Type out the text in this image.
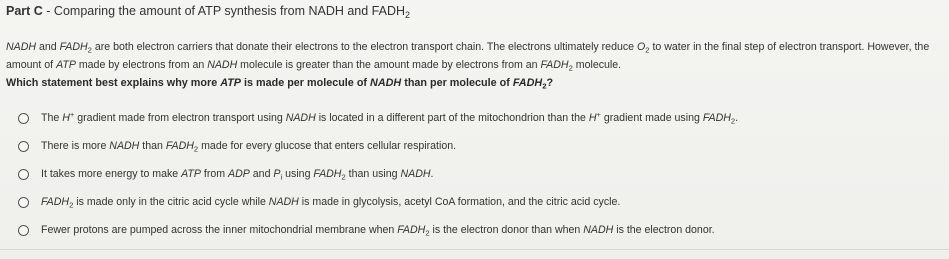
Part C - Comparing the amount of ATP synthesis from NADH and $FADH_2$
NADH and $FADH_2$ are both electron carriers that donate their electrons to the electron transport chain. The electrons ultimately reduce $O_2$ to water in the final step of electron transport. However, the amount of ATP made by electrons from an NADH molecule is greater than the amount made by electrons from an $FADH_2$ molecule.
Which statement best explains why more ATP is made per molecule of NADH than per molecule of $FADH_2$?
The H+ gradient made from electron transport using NADH is located in a different part of the mitochondrion than the H+ gradient made using $FADH_2$.
There is more NADH than $FADH_2$ made for every glucose that enters cellular respiration.
It takes more energy to make ATP from ADP and $P_i$ using $FADH_2$ than using NADH.
$FADH_2$ is made only in the citric acid cycle while NADH is made in glycolysis, acetyl CoA formation, and the citric acid cycle.
Fewer protons are pumped across the inner mitochondrial membrane when $FADH_2$ is the electron donor than when NADH is the electron donor.
